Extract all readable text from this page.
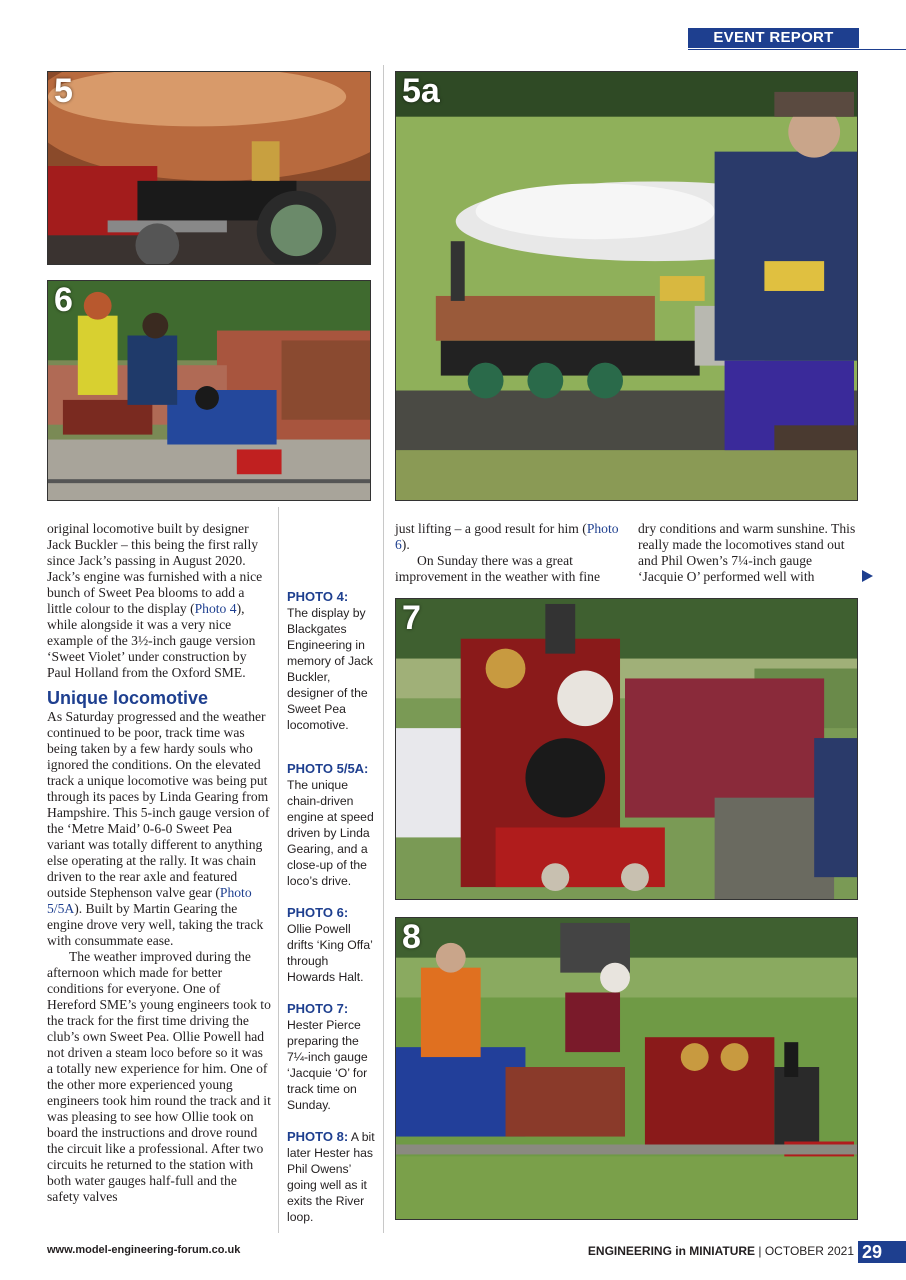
EVENT REPORT
5
6
5a
7
8

original locomotive built by designer Jack Buckler – this being the first rally since Jack’s passing in August 2020. Jack’s engine was furnished with a nice bunch of Sweet Pea blooms to add a little colour to the display (Photo 4), while alongside it was a very nice example of the 3½-inch gauge version ‘Sweet Violet’ under construction by Paul Holland from the Oxford SME.

Unique locomotive

As Saturday progressed and the weather continued to be poor, track time was being taken by a few hardy souls who ignored the conditions. On the elevated track a unique locomotive was being put through its paces by Linda Gearing from Hampshire. This 5-inch gauge version of the ‘Metre Maid’ 0-6-0 Sweet Pea variant was totally different to anything else operating at the rally. It was chain driven to the rear axle and featured outside Stephenson valve gear (Photo 5/5A). Built by Martin Gearing the engine drove very well, taking the track with consummate ease.

The weather improved during the afternoon which made for better conditions for everyone. One of Hereford SME’s young engineers took to the track for the first time driving the club’s own Sweet Pea. Ollie Powell had not driven a steam loco before so it was a totally new experience for him. One of the other more experienced young engineers took him round the track and it was pleasing to see how Ollie took on board the instructions and drove round the circuit like a professional. After two circuits he returned to the station with both water gauges half-full and the safety valves

PHOTO 4:
The display by Blackgates Engineering in memory of Jack Buckler, designer of the Sweet Pea locomotive.
PHOTO 5/5A:
The unique chain-driven engine at speed driven by Linda Gearing, and a close-up of the loco’s drive.
PHOTO 6:
Ollie Powell drifts ‘King Offa’ through Howards Halt.
PHOTO 7:
Hester Pierce preparing the 7¼-inch gauge ‘Jacquie ‘O’ for track time on Sunday.
PHOTO 8: A bit later Hester has Phil Owens’ going well as it exits the River loop.

just lifting – a good result for him (Photo 6).

On Sunday there was a great improvement in the weather with fine

dry conditions and warm sunshine. This really made the locomotives stand out and Phil Owen’s 7¼-inch gauge ‘Jacquie O’ performed well with

www.model-engineering-forum.co.uk	ENGINEERING in MINIATURE | OCTOBER 2021 29
